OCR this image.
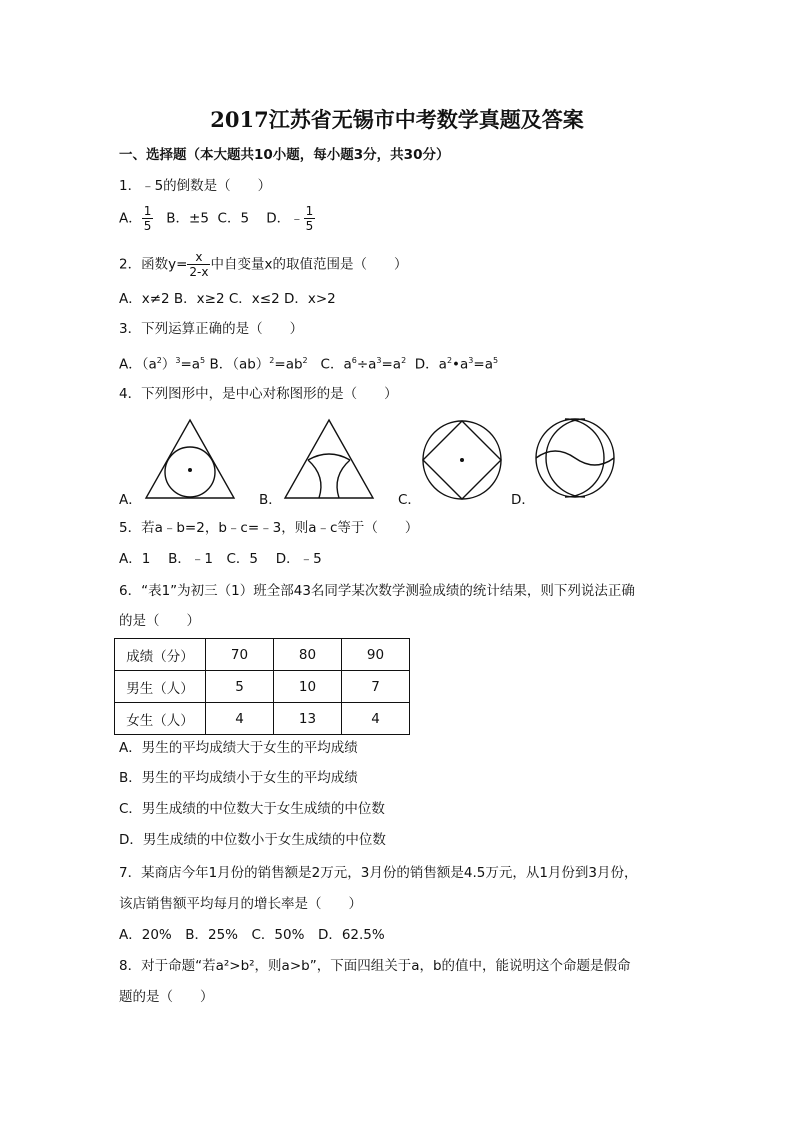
2017江苏省无锡市中考数学真题及答案
一、选择题（本大题共10小题，每小题3分，共30分）
1．﹣5的倒数是（　　）
A． $\frac{1}{5}$ B．±5 C．5 D．﹣ $\frac{1}{5}$
2．函数$y= \frac{x}{2-x}$ 中自变量x的取值范围是（　　）
A．x≠2 B．x≥2 C．x≤2 D．x>2
3．下列运算正确的是（　　）
A．$(a^2)^3=a^5$ B．$(ab)^2=ab^2$ C．$a^6\div a^3=a^2$ D．$a^2•a^3=a^5$
4．下列图形中，是中心对称图形的是（　　）
A．	B．	C．	D．
5．若a﹣b=2，b﹣c=﹣3，则a﹣c等于（　　）
A．1　 B．﹣1　C．5　 D．﹣5
6．“表1”为初三（1）班全部43名同学某次数学测验成绩的统计结果，则下列说法正确
的是（　　）
成绩（分）	70	80	90
男生（人）	5	10	7
女生（人）	4	13	4
A．男生的平均成绩大于女生的平均成绩
B．男生的平均成绩小于女生的平均成绩
C．男生成绩的中位数大于女生成绩的中位数
D．男生成绩的中位数小于女生成绩的中位数
7．某商店今年1月份的销售额是2万元，3月份的销售额是4.5万元，从1月份到3月份，
该店销售额平均每月的增长率是（　　）
A．20%　B．25%　C．50%　D．62.5%
8．对于命题“若a²>b²，则a>b”，下面四组关于a，b的值中，能说明这个命题是假命
题的是（　　）
